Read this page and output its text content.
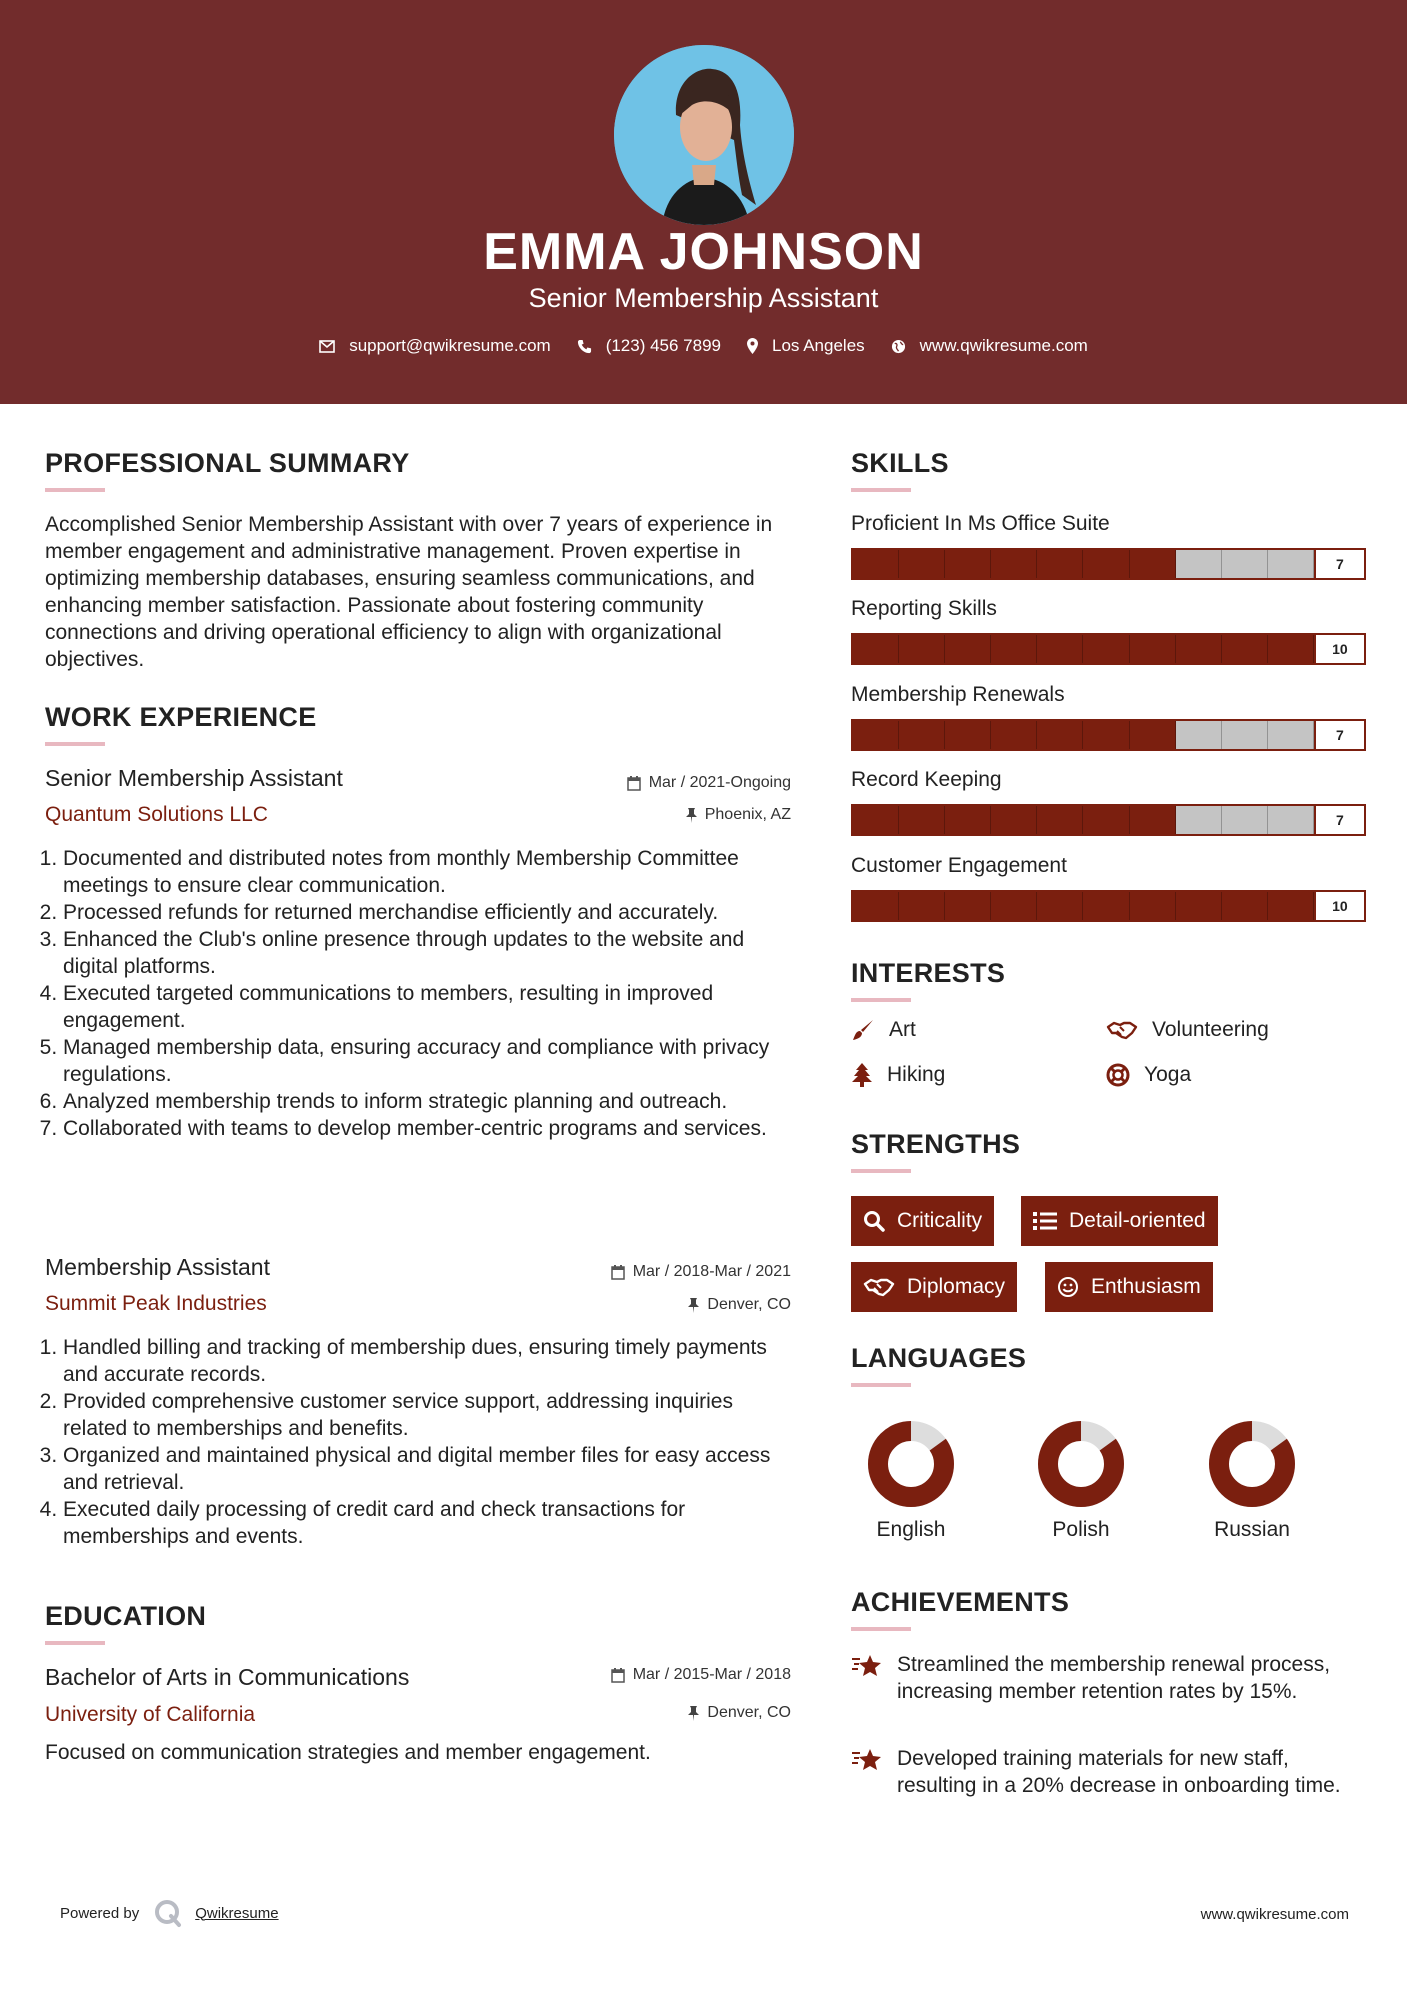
EMMA JOHNSON
Senior Membership Assistant
support@qwikresume.com	(123) 456 7899	Los Angeles	www.qwikresume.com
PROFESSIONAL SUMMARY
Accomplished Senior Membership Assistant with over 7 years of experience in member engagement and administrative management. Proven expertise in optimizing membership databases, ensuring seamless communications, and enhancing member satisfaction. Passionate about fostering community connections and driving operational efficiency to align with organizational objectives.
WORK EXPERIENCE
Senior Membership Assistant	Mar / 2021-Ongoing
Quantum Solutions LLC	Phoenix, AZ
1. Documented and distributed notes from monthly Membership Committee meetings to ensure clear communication.
2. Processed refunds for returned merchandise efficiently and accurately.
3. Enhanced the Club's online presence through updates to the website and digital platforms.
4. Executed targeted communications to members, resulting in improved engagement.
5. Managed membership data, ensuring accuracy and compliance with privacy regulations.
6. Analyzed membership trends to inform strategic planning and outreach.
7. Collaborated with teams to develop member-centric programs and services.
Membership Assistant	Mar / 2018-Mar / 2021
Summit Peak Industries	Denver, CO
1. Handled billing and tracking of membership dues, ensuring timely payments and accurate records.
2. Provided comprehensive customer service support, addressing inquiries related to memberships and benefits.
3. Organized and maintained physical and digital member files for easy access and retrieval.
4. Executed daily processing of credit card and check transactions for memberships and events.
EDUCATION
Bachelor of Arts in Communications	Mar / 2015-Mar / 2018
University of California	Denver, CO
Focused on communication strategies and member engagement.
SKILLS
Proficient In Ms Office Suite
7
Reporting Skills
10
Membership Renewals
7
Record Keeping
7
Customer Engagement
10
INTERESTS
Art	Volunteering
Hiking	Yoga
STRENGTHS
Criticality	Detail-oriented
Diplomacy	Enthusiasm
LANGUAGES
English	Polish	Russian
ACHIEVEMENTS
Streamlined the membership renewal process, increasing member retention rates by 15%.
Developed training materials for new staff, resulting in a 20% decrease in onboarding time.
Powered by	Qwikresume	www.qwikresume.com
